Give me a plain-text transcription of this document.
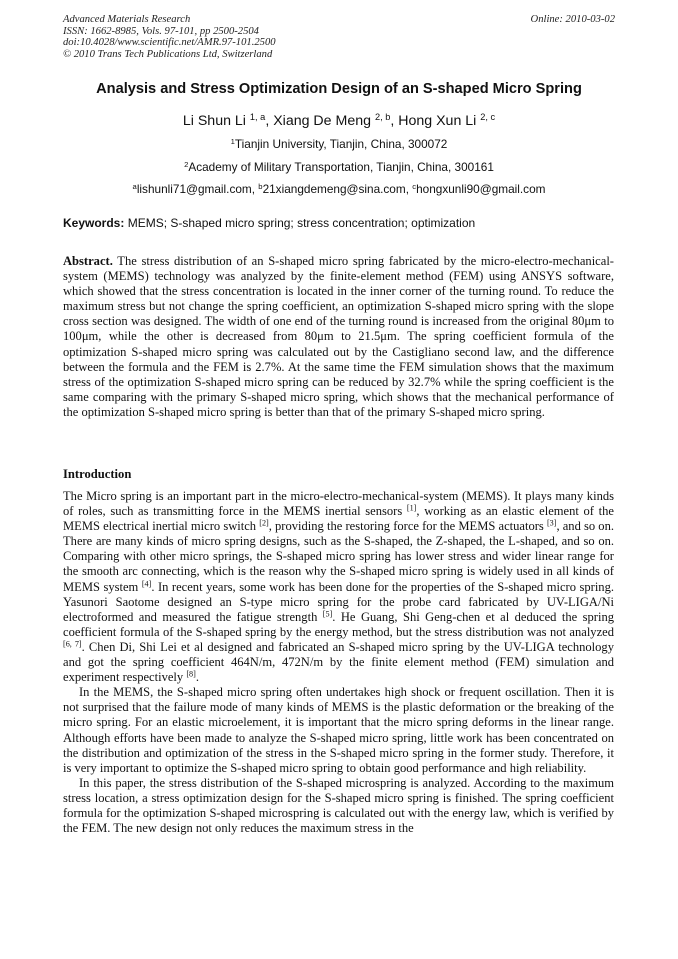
Advanced Materials Research
ISSN: 1662-8985, Vols. 97-101, pp 2500-2504
doi:10.4028/www.scientific.net/AMR.97-101.2500
© 2010 Trans Tech Publications Ltd, Switzerland
Online: 2010-03-02
Analysis and Stress Optimization Design of an S-shaped Micro Spring
Li Shun Li $^{1, a}$, Xiang De Meng $^{2, b}$, Hong Xun Li $^{2, c}$
$^1$Tianjin University, Tianjin, China, 300072
$^2$Academy of Military Transportation, Tianjin, China, 300161
$^a$lishunli71@gmail.com, $^b$21xiangdemeng@sina.com, $^c$hongxunli90@gmail.com
Keywords: MEMS; S-shaped micro spring; stress concentration; optimization
Abstract. The stress distribution of an S-shaped micro spring fabricated by the micro-electro-mechanical-system (MEMS) technology was analyzed by the finite-element method (FEM) using ANSYS software, which showed that the stress concentration is located in the inner corner of the turning round. To reduce the maximum stress but not change the spring coefficient, an optimization S-shaped micro spring with the slope cross section was designed. The width of one end of the turning round is increased from the original 80μm to 100μm, while the other is decreased from 80μm to 21.5μm. The spring coefficient formula of the optimization S-shaped micro spring was calculated out by the Castigliano second law, and the difference between the formula and the FEM is 2.7%. At the same time the FEM simulation shows that the maximum stress of the optimization S-shaped micro spring can be reduced by 32.7% while the spring coefficient is the same comparing with the primary S-shaped micro spring, which shows that the mechanical performance of the optimization S-shaped micro spring is better than that of the primary S-shaped micro spring.
Introduction

The Micro spring is an important part in the micro-electro-mechanical-system (MEMS). It plays many kinds of roles, such as transmitting force in the MEMS inertial sensors [1], working as an elastic element of the MEMS electrical inertial micro switch [2], providing the restoring force for the MEMS actuators [3], and so on. There are many kinds of micro spring designs, such as the S-shaped, the Z-shaped, the L-shaped, and so on. Comparing with other micro springs, the S-shaped micro spring has lower stress and wider linear range for the smooth arc connecting, which is the reason why the S-shaped micro spring is widely used in all kinds of MEMS system [4]. In recent years, some work has been done for the properties of the S-shaped micro spring. Yasunori Saotome designed an S-type micro spring for the probe card fabricated by UV-LIGA/Ni electroformed and measured the fatigue strength [5]. He Guang, Shi Geng-chen et al deduced the spring coefficient formula of the S-shaped spring by the energy method, but the stress distribution was not analyzed [6, 7]. Chen Di, Shi Lei et al designed and fabricated an S-shaped micro spring by the UV-LIGA technology and got the spring coefficient 464N/m, 472N/m by the finite element method (FEM) simulation and experiment respectively [8].

In the MEMS, the S-shaped micro spring often undertakes high shock or frequent oscillation. Then it is not surprised that the failure mode of many kinds of MEMS is the plastic deformation or the breaking of the micro spring. For an elastic microelement, it is important that the micro spring deforms in the linear range. Although efforts have been made to analyze the S-shaped micro spring, little work has been concentrated on the distribution and optimization of the stress in the S-shaped micro spring in the former study. Therefore, it is very important to optimize the S-shaped micro spring to obtain good performance and high reliability.

In this paper, the stress distribution of the S-shaped microspring is analyzed. According to the maximum stress location, a stress optimization design for the S-shaped micro spring is finished. The spring coefficient formula for the optimization S-shaped microspring is calculated out with the energy law, which is verified by the FEM. The new design not only reduces the maximum stress in the
